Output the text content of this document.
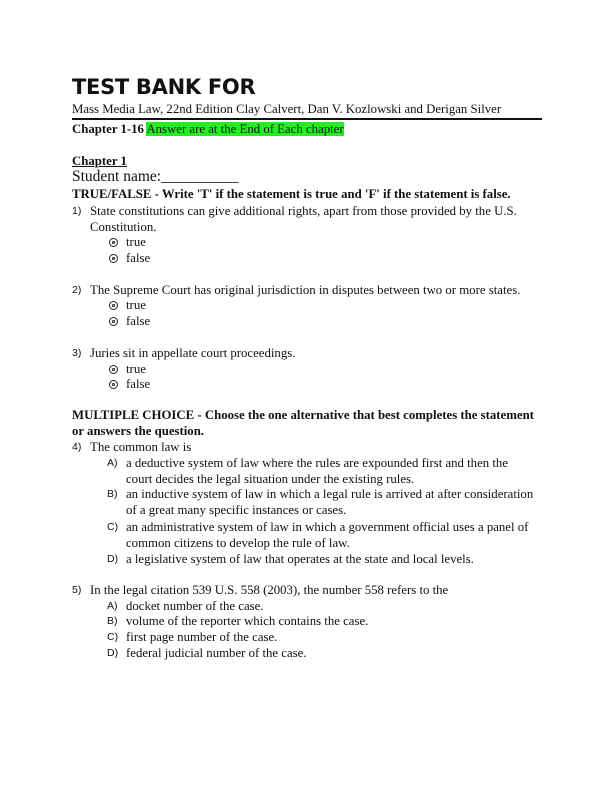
TEST BANK FOR
Mass Media Law, 22nd Edition Clay Calvert, Dan V. Kozlowski and Derigan Silver
Chapter 1-16 Answer are at the End of Each chapter
Chapter 1
Student name:__________
TRUE/FALSE - Write 'T' if the statement is true and 'F' if the statement is false.
1) State constitutions can give additional rights, apart from those provided by the U.S. Constitution.
true
false
2) The Supreme Court has original jurisdiction in disputes between two or more states.
true
false
3) Juries sit in appellate court proceedings.
true
false
MULTIPLE CHOICE - Choose the one alternative that best completes the statement or answers the question.
4) The common law is
A) a deductive system of law where the rules are expounded first and then the court decides the legal situation under the existing rules.
B) an inductive system of law in which a legal rule is arrived at after consideration of a great many specific instances or cases.
C) an administrative system of law in which a government official uses a panel of common citizens to develop the rule of law.
D) a legislative system of law that operates at the state and local levels.
5) In the legal citation 539 U.S. 558 (2003), the number 558 refers to the
A) docket number of the case.
B) volume of the reporter which contains the case.
C) first page number of the case.
D) federal judicial number of the case.
